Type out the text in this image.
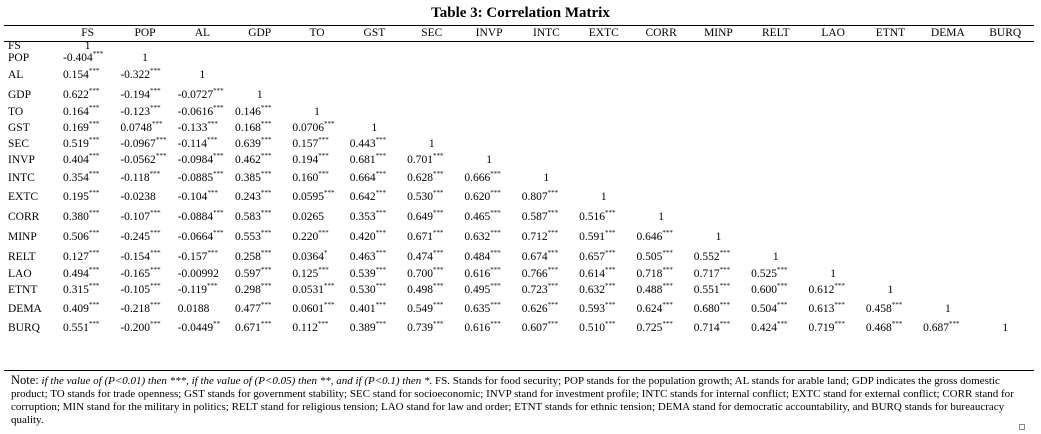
Table 3: Correlation Matrix
	FS	POP	AL	GDP	TO	GST	SEC	INVP	INTC	EXTC	CORR	MINP	RELT	LAO	ETNT	DEMA	BURQ
FS	1																
POP	-0.404***	1															
AL	0.154***	-0.322***	1														
GDP	0.622***	-0.194***	-0.0727***	1													
TO	0.164***	-0.123***	-0.0616***	0.146***	1												
GST	0.169***	0.0748***	-0.133***	0.168***	0.0706***	1											
SEC	0.519***	-0.0967***	-0.114***	0.639***	0.157***	0.443***	1										
INVP	0.404***	-0.0562***	-0.0984***	0.462***	0.194***	0.681***	0.701***	1									
INTC	0.354***	-0.118***	-0.0885***	0.385***	0.160***	0.664***	0.628***	0.666***	1								
EXTC	0.195***	-0.0238	-0.104***	0.243***	0.0595***	0.642***	0.530***	0.620***	0.807***	1							
CORR	0.380***	-0.107***	-0.0884***	0.583***	0.0265	0.353***	0.649***	0.465***	0.587***	0.516***	1						
MINP	0.506***	-0.245***	-0.0664***	0.553***	0.220***	0.420***	0.671***	0.632***	0.712***	0.591***	0.646***	1					
RELT	0.127***	-0.154***	-0.157***	0.258***	0.0364*	0.463***	0.474***	0.484***	0.674***	0.657***	0.505***	0.552***	1				
LAO	0.494***	-0.165***	-0.00992	0.597***	0.125***	0.539***	0.700***	0.616***	0.766***	0.614***	0.718***	0.717***	0.525***	1			
ETNT	0.315***	-0.105***	-0.119***	0.298***	0.0531***	0.530***	0.498***	0.495***	0.723***	0.632***	0.488***	0.551***	0.600***	0.612***	1		
DEMA	0.409***	-0.218***	0.0188	0.477***	0.0601***	0.401***	0.549***	0.635***	0.626***	0.593***	0.624***	0.680***	0.504***	0.613***	0.458***	1	
BURQ	0.551***	-0.200***	-0.0449**	0.671***	0.112***	0.389***	0.739***	0.616***	0.607***	0.510***	0.725***	0.714***	0.424***	0.719***	0.468***	0.687***	1
Note: if the value of (P<0.01) then ***, if the value of (P<0.05) then **, and if (P<0.1) then *. FS. Stands for food security; POP stands for the population growth; AL stands for arable land; GDP indicates the gross domestic product; TO stands for trade openness; GST stands for government stability; SEC stand for socioeconomic; INVP stand for investment profile; INTC stands for internal conflict; EXTC stand for external conflict; CORR stand for corruption; MIN stand for the military in politics; RELT stand for religious tension; LAO stand for law and order; ETNT stands for ethnic tension; DEMA stand for democratic accountability, and BURQ stands for bureaucracy quality.
